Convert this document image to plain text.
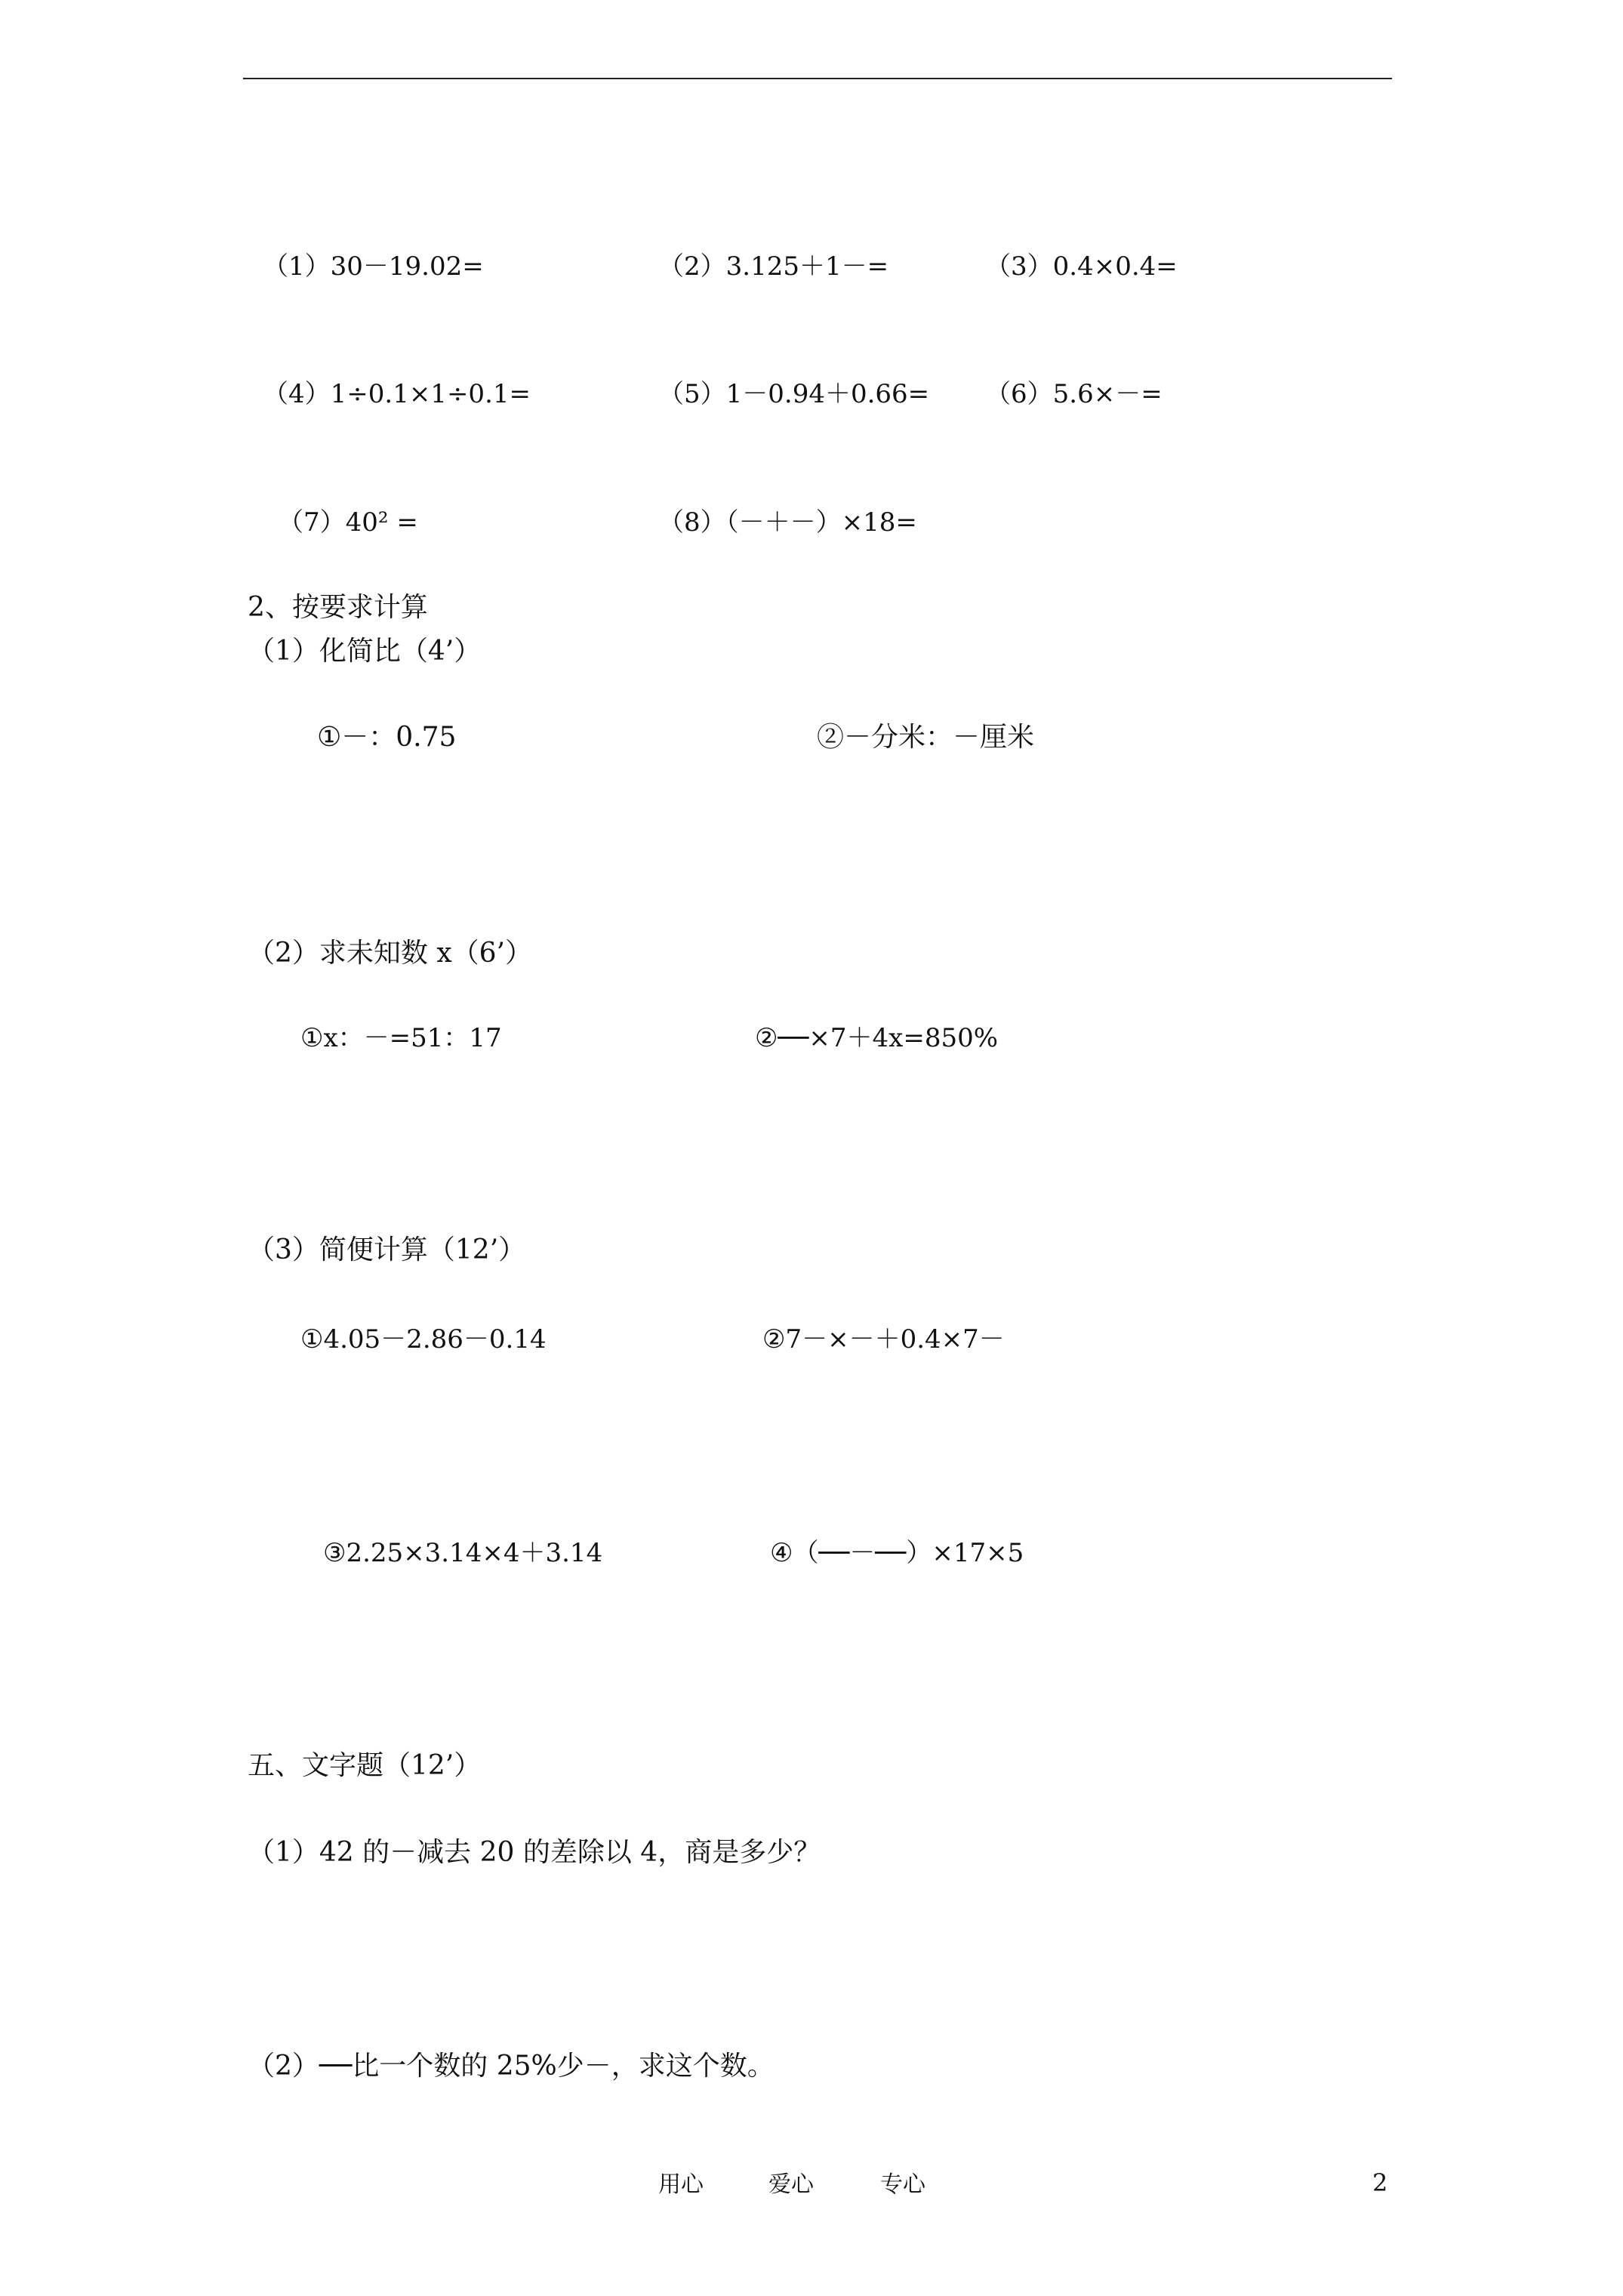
（1）30－19.02=	（2）3.125＋1－=	（3）0.4×0.4=
（4）1÷0.1×1÷0.1=	（5）1－0.94＋0.66= （6）5.6×－=
（7）40² =	（8）（－＋－）×18=
2、按要求计算
（1）化简比（4’）
①－：0.75	②－分米：－厘米
（2）求未知数 x（6’）
①x：－=51：17	②──×7＋4x=850%
（3）简便计算（12’）
①4.05－2.86－0.14	②7－×－＋0.4×7－
③2.25×3.14×4＋3.14	④（──－──）×17×5
五、文字题（12’）
（1）42 的－减去 20 的差除以 4，商是多少？
（2）──比一个数的 25%少－，求这个数。
用心	爱心	专心	2
